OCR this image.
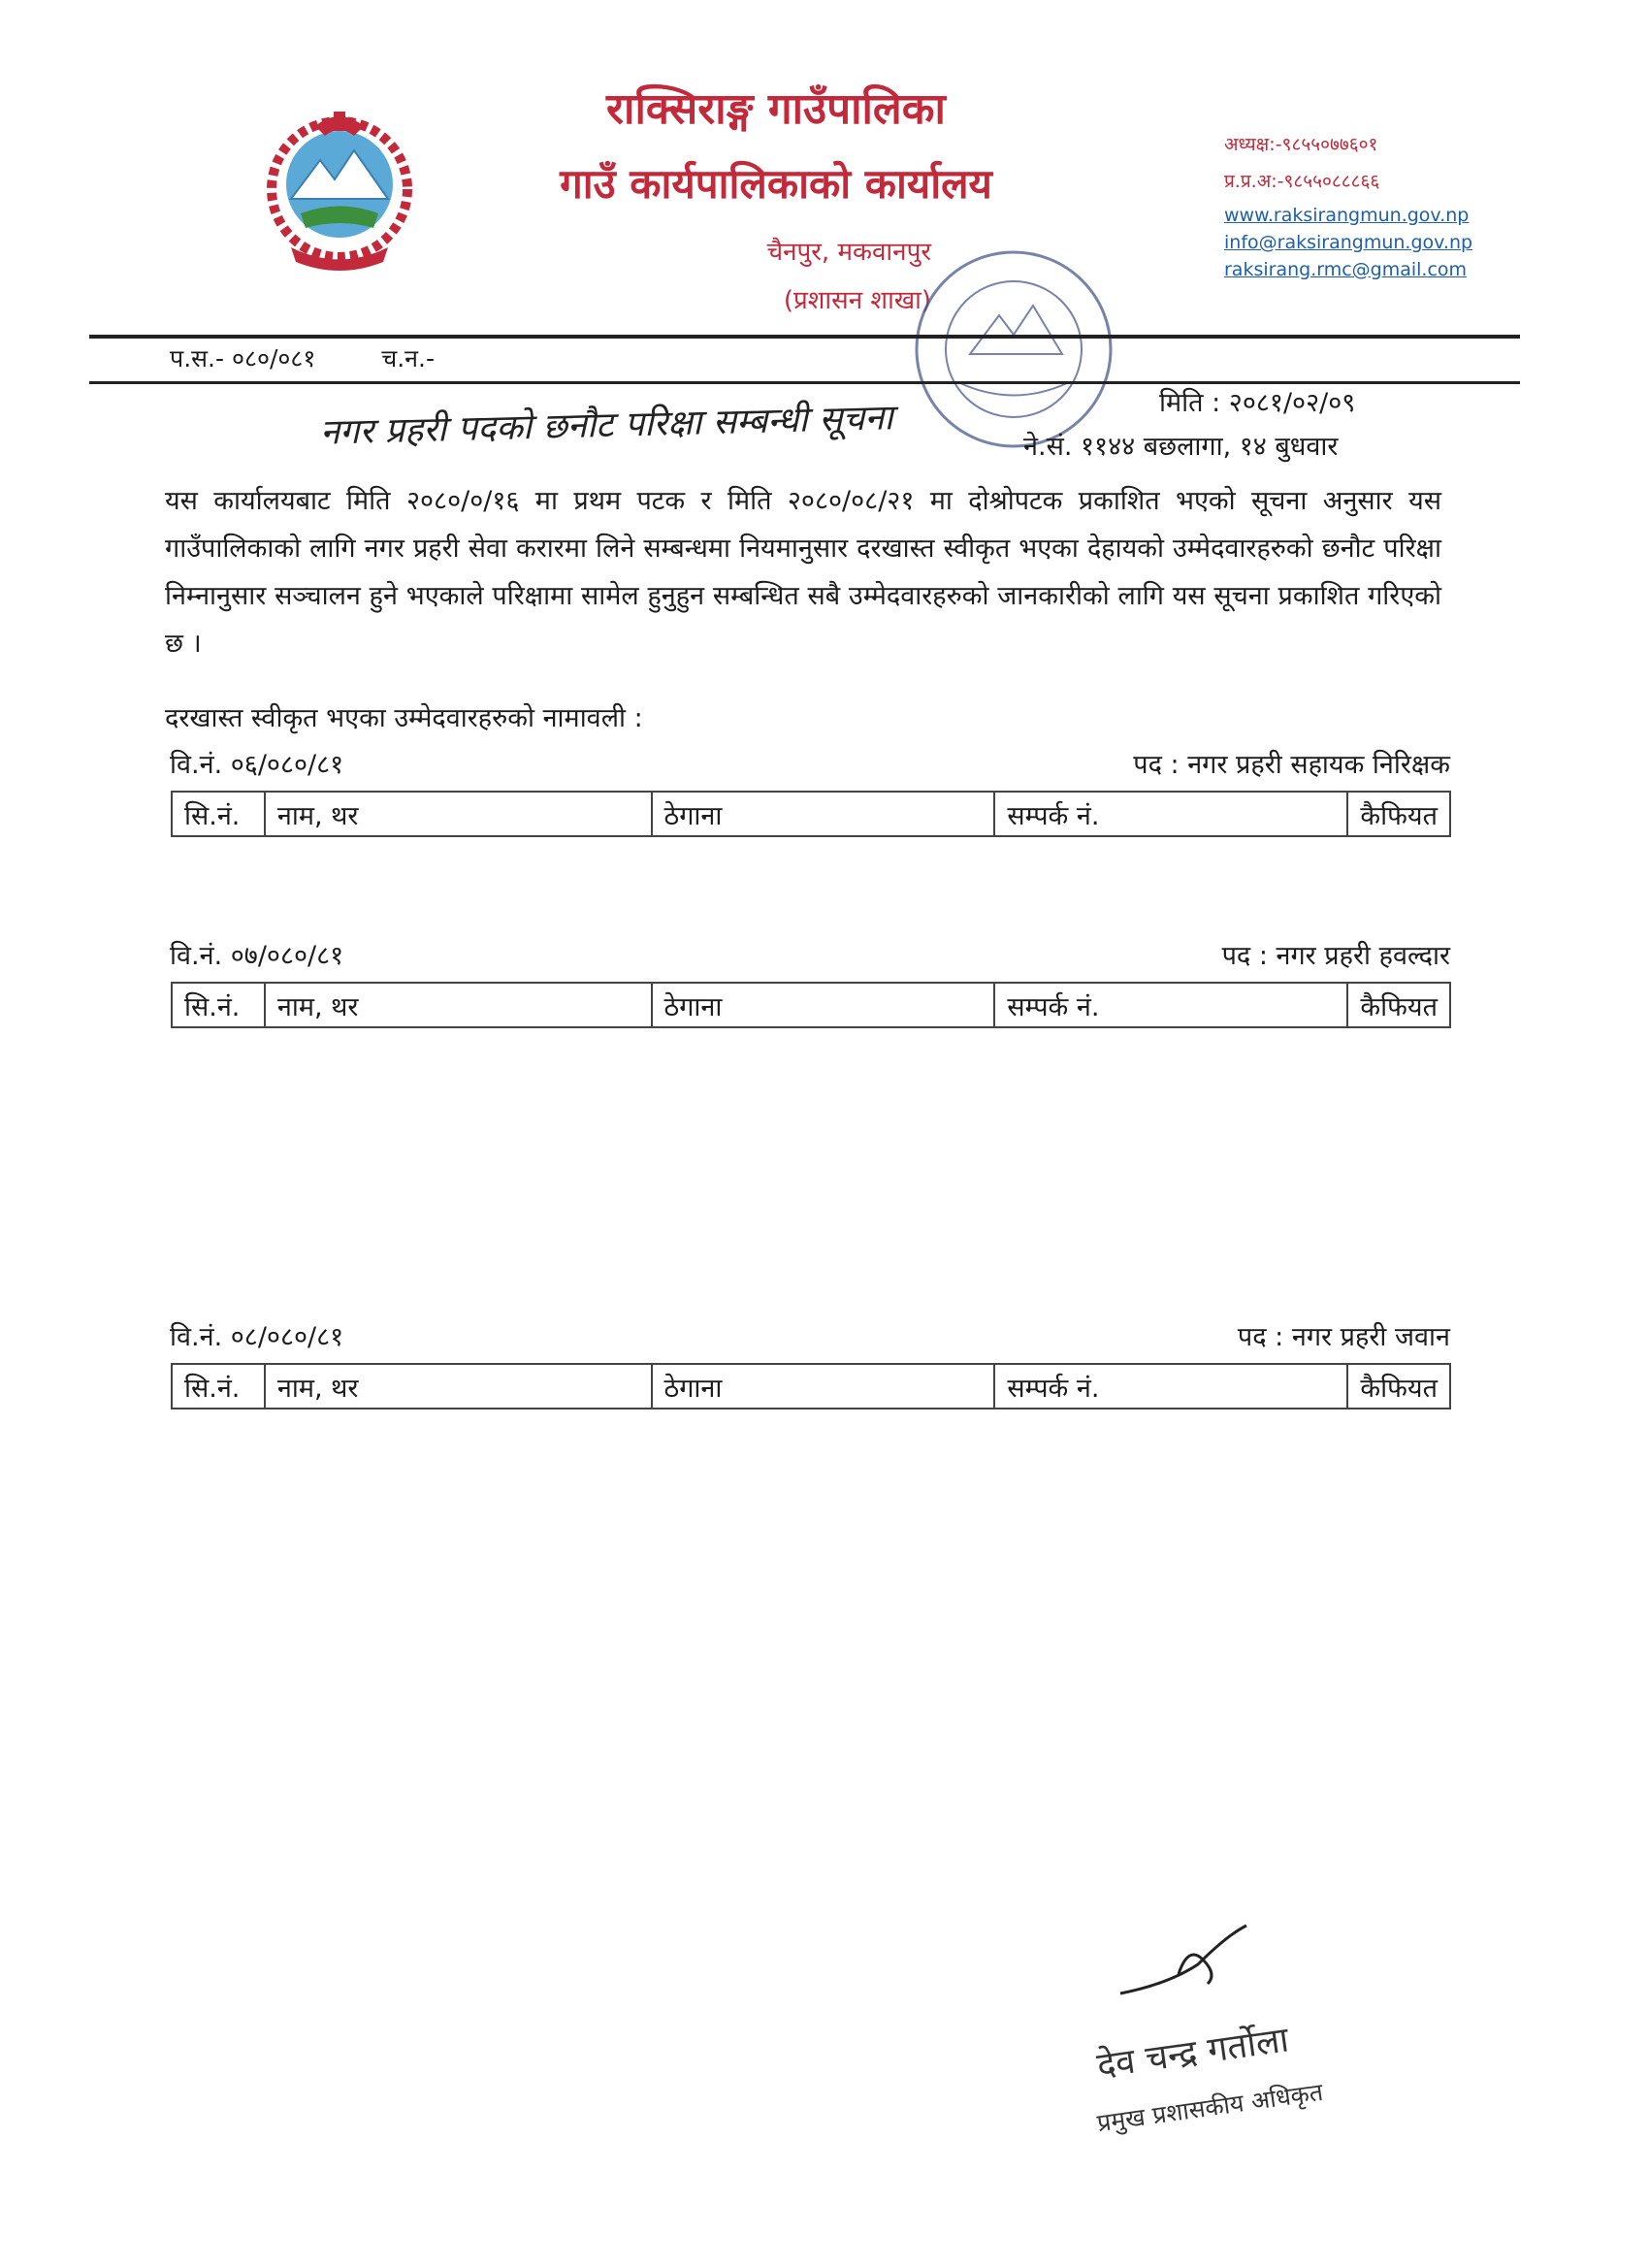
राक्सिराङ्ग गाउँपालिका
गाउँ कार्यपालिकाको कार्यालय
चैनपुर, मकवानपुर
(प्रशासन शाखा)
अध्यक्ष:-९८५५०७७६०१
प्र.प्र.अ:-९८५५०८८८६६
www.raksirangmun.gov.np
info@raksirangmun.gov.np
raksirang.rmc@gmail.com
प.स.- ०८०/०८१	च.न.-
मिति : २०८१/०२/०९
ने.सं. ११४४ बछलागा, १४ बुधवार
नगर प्रहरी पदको छनौट परिक्षा सम्बन्धी सूचना
यस कार्यालयबाट मिति २०८०/०/१६ मा प्रथम पटक र मिति २०८०/०८/२१ मा दोश्रोपटक प्रकाशित भएको सूचना अनुसार यस गाउँपालिकाको लागि नगर प्रहरी सेवा करारमा लिने सम्बन्धमा नियमानुसार दरखास्त स्वीकृत भएका देहायको उम्मेदवारहरुको छनौट परिक्षा निम्नानुसार सञ्चालन हुने भएकाले परिक्षामा सामेल हुनुहुन सम्बन्धित सबै उम्मेदवारहरुको जानकारीको लागि यस सूचना प्रकाशित गरिएको छ ।
दरखास्त स्वीकृत भएका उम्मेदवारहरुको नामावली :
वि.नं. ०६/०८०/८१	पद : नगर प्रहरी सहायक निरिक्षक
सि.नं.	नाम, थर	ठेगाना	सम्पर्क नं.	कैफियत
वि.नं. ०७/०८०/८१	पद : नगर प्रहरी हवल्दार
सि.नं.	नाम, थर	ठेगाना	सम्पर्क नं.	कैफियत
वि.नं. ०८/०८०/८१	पद : नगर प्रहरी जवान
सि.नं.	नाम, थर	ठेगाना	सम्पर्क नं.	कैफियत
देव चन्द्र गर्तोला
प्रमुख प्रशासकीय अधिकृत
